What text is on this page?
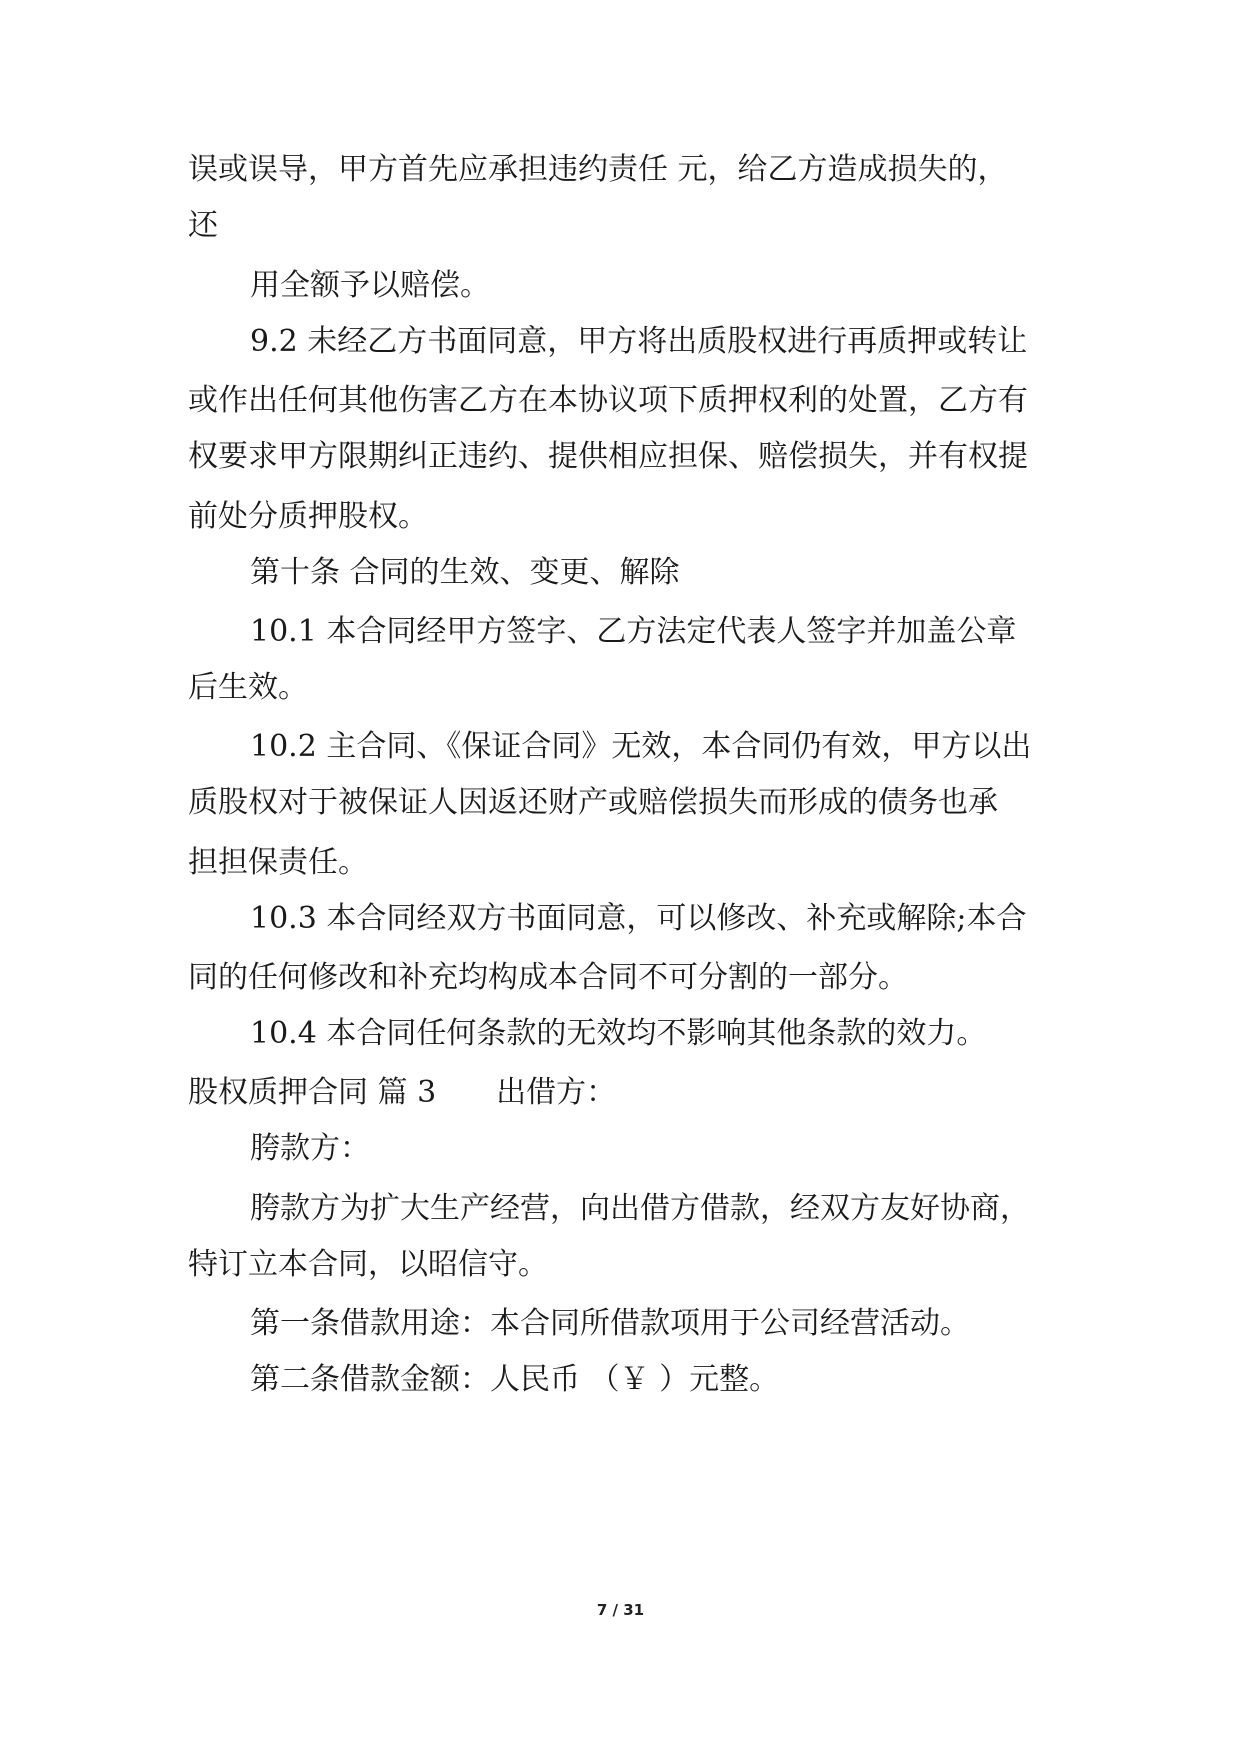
误或误导，甲方首先应承担违约责任 元，给乙方造成损失的，
还
用全额予以赔偿。
9.2 未经乙方书面同意，甲方将出质股权进行再质押或转让
或作出任何其他伤害乙方在本协议项下质押权利的处置，乙方有
权要求甲方限期纠正违约、提供相应担保、赔偿损失，并有权提
前处分质押股权。
第十条 合同的生效、变更、解除
10.1 本合同经甲方签字、乙方法定代表人签字并加盖公章
后生效。
10.2 主合同、《保证合同》无效，本合同仍有效，甲方以出
质股权对于被保证人因返还财产或赔偿损失而形成的债务也承
担担保责任。
10.3 本合同经双方书面同意，可以修改、补充或解除;本合
同的任何修改和补充均构成本合同不可分割的一部分。
10.4 本合同任何条款的无效均不影响其他条款的效力。
股权质押合同 篇 3　　出借方：
胯款方：
胯款方为扩大生产经营，向出借方借款，经双方友好协商，
特订立本合同，以昭信守。
第一条借款用途：本合同所借款项用于公司经营活动。
第二条借款金额：人民币 （￥ ）元整。
7 / 31
